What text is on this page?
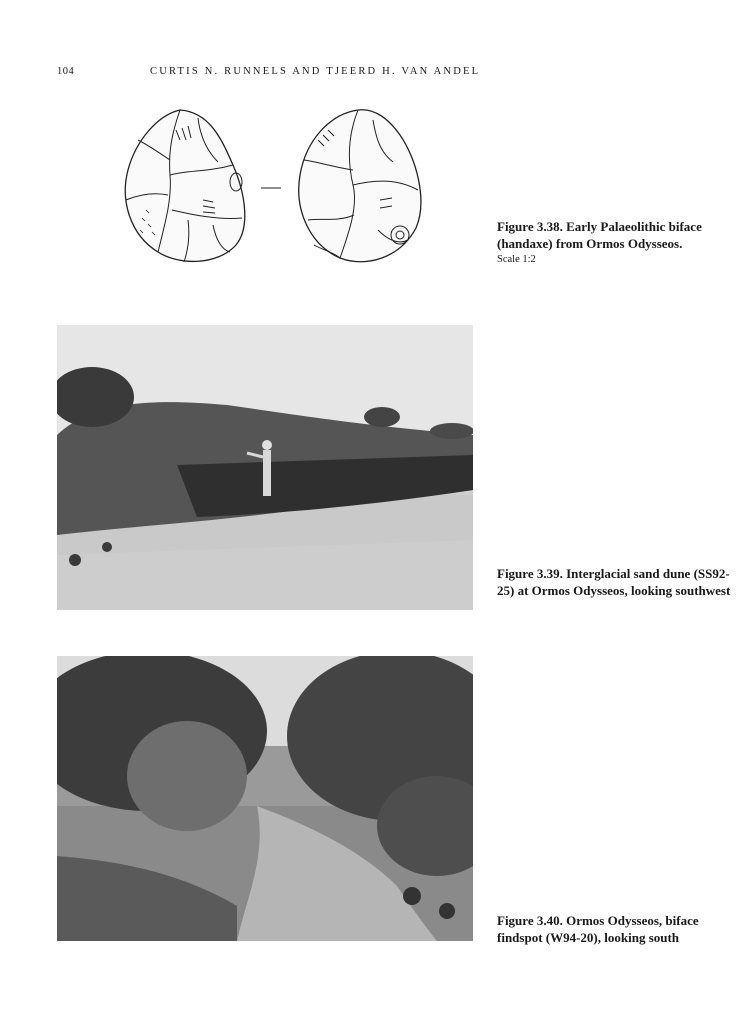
104	CURTIS N. RUNNELS AND TJEERD H. VAN ANDEL
Figure 3.38. Early Palaeolithic biface (handaxe) from Ormos Odysseos.
Scale 1:2
Figure 3.39. Interglacial sand dune (SS92-25) at Ormos Odysseos, looking southwest
Figure 3.40. Ormos Odysseos, biface findspot (W94-20), looking south
